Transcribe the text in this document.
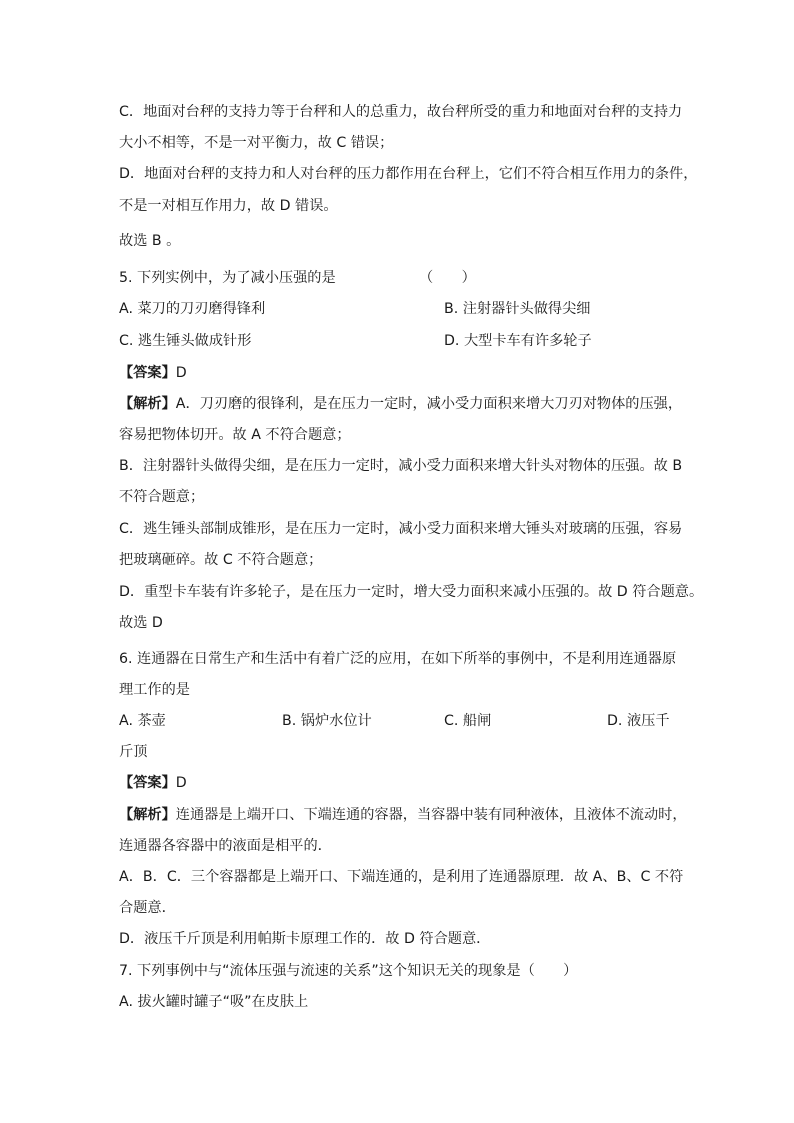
C．地面对台秤的支持力等于台秤和人的总重力，故台秤所受的重力和地面对台秤的支持力
大小不相等，不是一对平衡力，故 C 错误；
D．地面对台秤的支持力和人对台秤的压力都作用在台秤上，它们不符合相互作用力的条件，
不是一对相互作用力，故 D 错误。
故选 B 。
5. 下列实例中，为了减小压强的是	（　　）
A. 菜刀的刀刃磨得锋利	B. 注射器针头做得尖细
C. 逃生锤头做成针形	D. 大型卡车有许多轮子
【答案】D
【解析】A．刀刃磨的很锋利，是在压力一定时，减小受力面积来增大刀刃对物体的压强，
容易把物体切开。故 A 不符合题意；
B．注射器针头做得尖细，是在压力一定时，减小受力面积来增大针头对物体的压强。故 B
不符合题意；
C．逃生锤头部制成锥形，是在压力一定时，减小受力面积来增大锤头对玻璃的压强，容易
把玻璃砸碎。故 C 不符合题意；
D．重型卡车装有许多轮子，是在压力一定时，增大受力面积来减小压强的。故 D 符合题意。
故选 D
6. 连通器在日常生产和生活中有着广泛的应用，在如下所举的事例中，不是利用连通器原
理工作的是
A. 茶壶	B. 锅炉水位计	C. 船闸	D. 液压千
斤顶
【答案】D
【解析】连通器是上端开口、下端连通的容器，当容器中装有同种液体，且液体不流动时，
连通器各容器中的液面是相平的．
A．B．C．三个容器都是上端开口、下端连通的，是利用了连通器原理．故 A、B、C 不符
合题意．
D．液压千斤顶是利用帕斯卡原理工作的．故 D 符合题意．
7. 下列事例中与“流体压强与流速的关系”这个知识无关的现象是（　　）
A. 拔火罐时罐子“吸”在皮肤上
